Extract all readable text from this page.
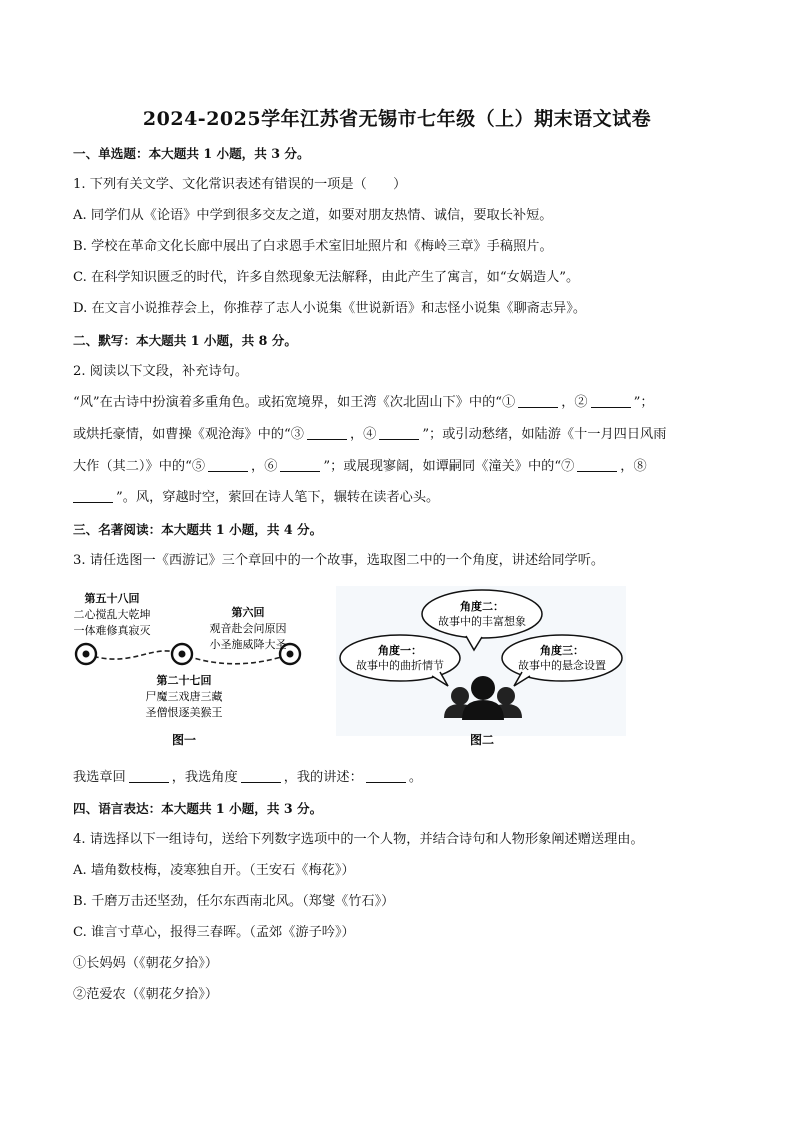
2024-2025学年江苏省无锡市七年级（上）期末语文试卷
一、单选题：本大题共 1 小题，共 3 分。
1. 下列有关文学、文化常识表述有错误的一项是（　　）
A. 同学们从《论语》中学到很多交友之道，如要对朋友热情、诚信，要取长补短。
B. 学校在革命文化长廊中展出了白求恩手术室旧址照片和《梅岭三章》手稿照片。
C. 在科学知识匮乏的时代，许多自然现象无法解释，由此产生了寓言，如“女娲造人”。
D. 在文言小说推荐会上，你推荐了志人小说集《世说新语》和志怪小说集《聊斋志异》。
二、默写：本大题共 1 小题，共 8 分。
2. 阅读以下文段，补充诗句。
“风”在古诗中扮演着多重角色。或拓宽境界，如王湾《次北固山下》中的“①	，②	”；
或烘托豪情，如曹操《观沧海》中的“③	，④	”；或引动愁绪，如陆游《十一月四日风雨
大作（其二）》中的“⑤	，⑥	”；或展现寥阔，如谭嗣同《潼关》中的“⑦	，⑧
”。风，穿越时空，萦回在诗人笔下，辗转在读者心头。
三、名著阅读：本大题共 1 小题，共 4 分。
3. 请任选图一《西游记》三个章回中的一个故事，选取图二中的一个角度，讲述给同学听。
第五十八回
二心搅乱大乾坤
一体难修真寂灭
第六回
观音赴会问原因
小圣施威降大圣
第二十七回
尸魔三戏唐三藏
圣僧恨逐美猴王
图一
角度二：
故事中的丰富想象
角度一：
故事中的曲折情节
角度三：
故事中的悬念设置
图二
我选章回	，我选角度	，我的讲述：	。
四、语言表达：本大题共 1 小题，共 3 分。
4. 请选择以下一组诗句，送给下列数字选项中的一个人物，并结合诗句和人物形象阐述赠送理由。
A. 墙角数枝梅，凌寒独自开。（王安石《梅花》）
B. 千磨万击还坚劲，任尔东西南北风。（郑燮《竹石》）
C. 谁言寸草心，报得三春晖。（孟郊《游子吟》）
①长妈妈（《朝花夕拾》）
②范爱农（《朝花夕拾》）
